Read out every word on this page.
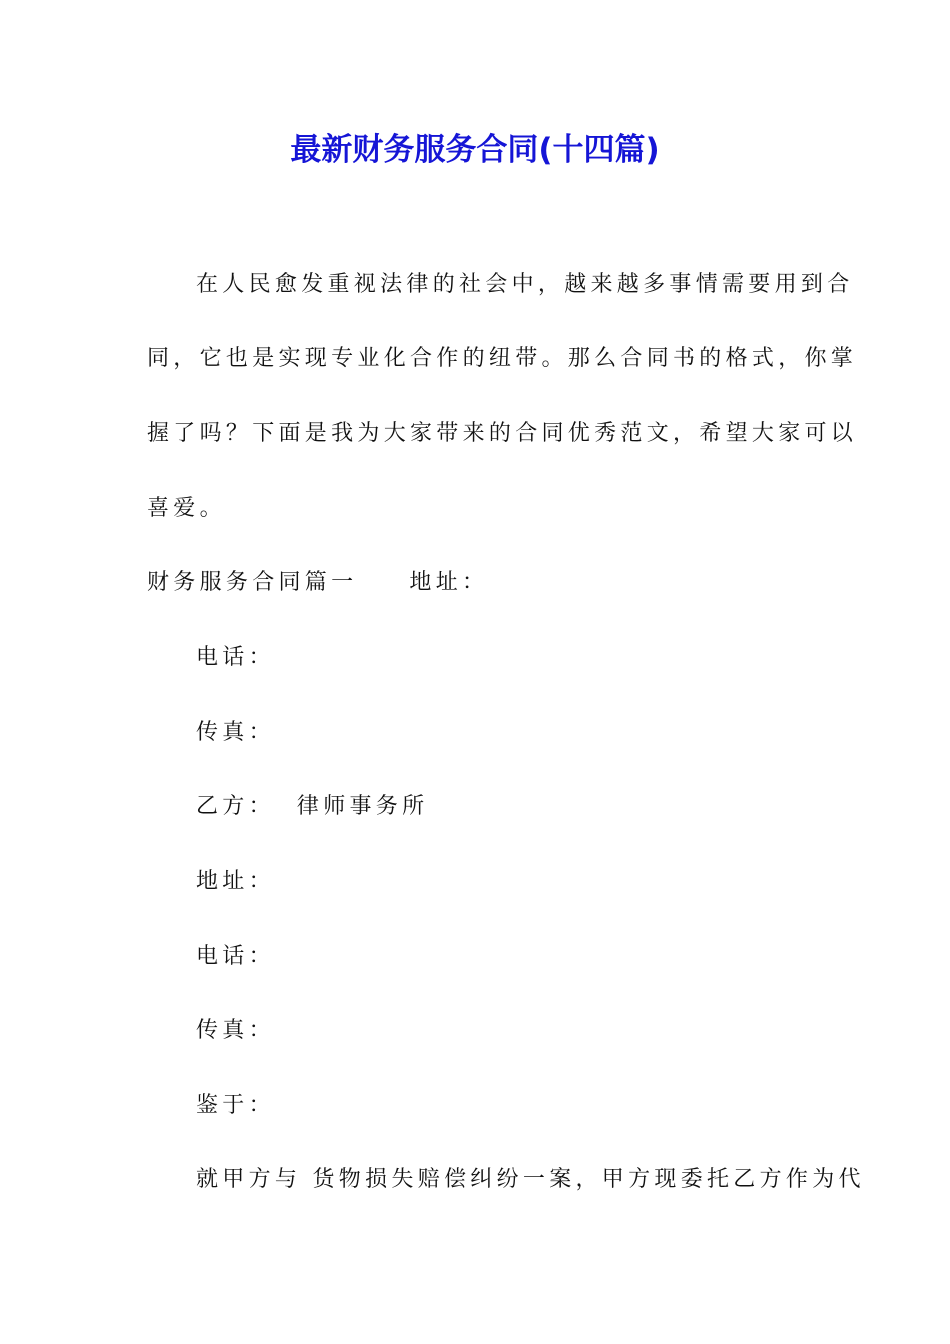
最新财务服务合同(十四篇)
在人民愈发重视法律的社会中，越来越多事情需要用到合
同，它也是实现专业化合作的纽带。那么合同书的格式，你掌
握了吗？下面是我为大家带来的合同优秀范文，希望大家可以
喜爱。
财务服务合同篇一 地址：
电话：
传真：
乙方： 律师事务所
地址：
电话：
传真：
鉴于：
就甲方与 货物损失赔偿纠纷一案，甲方现委托乙方作为代
